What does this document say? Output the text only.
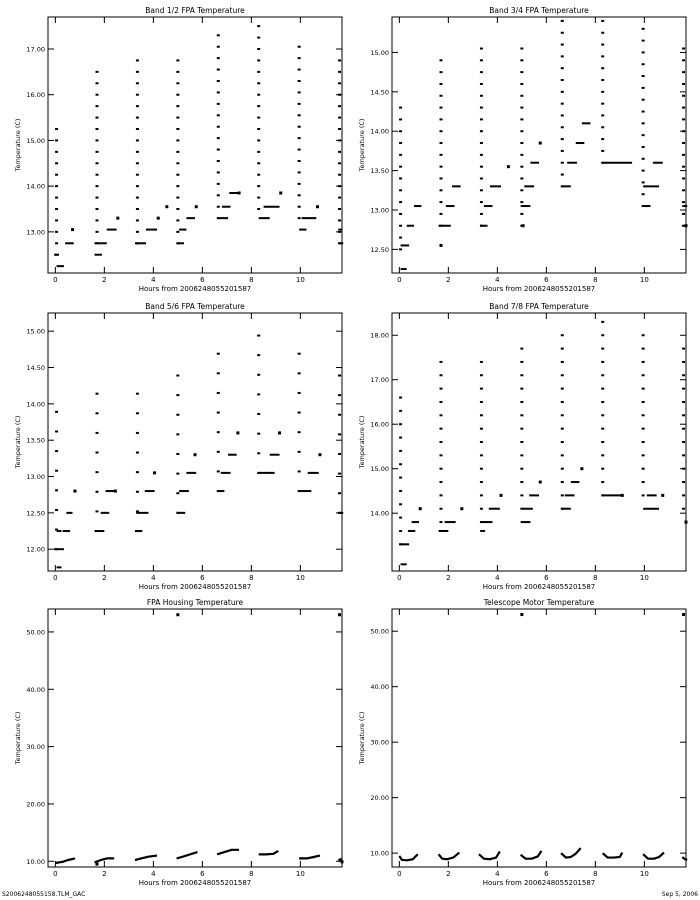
Band 1/2 FPA Temperature
Hours from 2006248055201587
Temperature (C)
0	2	4	6	8	10
13.00
14.00
15.00
16.00
17.00
Band 3/4 FPA Temperature
Hours from 2006248055201587
Temperature (C)
0	2	4	6	8	10
12.50
13.00
13.50
14.00
14.50
15.00
Band 5/6 FPA Temperature
Hours from 2006248055201587
Temperature (C)
0	2	4	6	8	10
12.00
12.50
13.00
13.50
14.00
14.50
15.00
Band 7/8 FPA Temperature
Hours from 2006248055201587
Temperature (C)
0	2	4	6	8	10
14.00
15.00
16.00
17.00
18.00
FPA Housing Temperature
Hours from 2006248055201587
Temperature (C)
0	2	4	6	8	10
10.00
20.00
30.00
40.00
50.00
Telescope Motor Temperature
Hours from 2006248055201587
Temperature (C)
0	2	4	6	8	10
10.00
20.00
30.00
40.00
50.00
S2006248055158.TLM_GAC	Sep 5, 2006
